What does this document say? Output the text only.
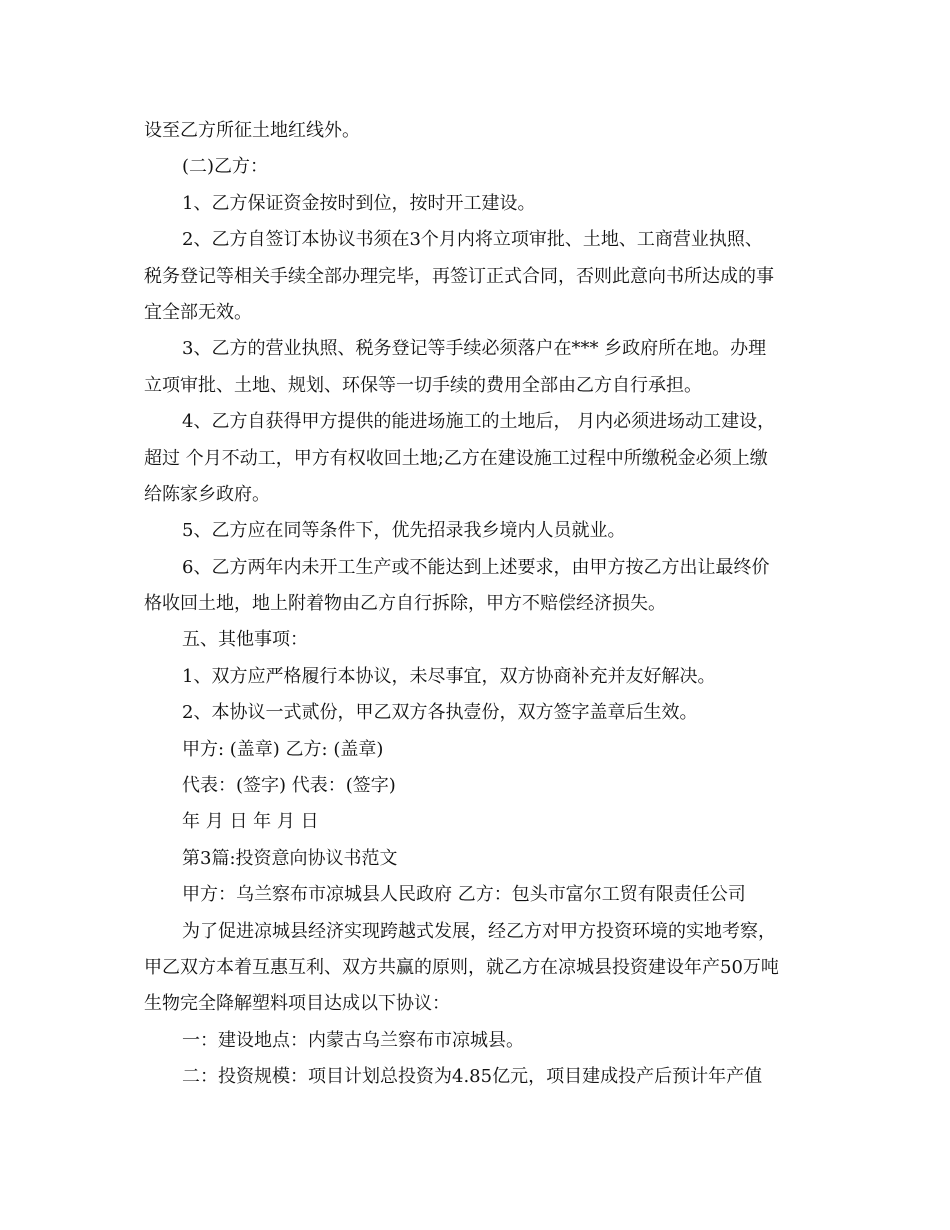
设至乙方所征土地红线外。
(二)乙方：
1、乙方保证资金按时到位，按时开工建设。
2、乙方自签订本协议书须在3个月内将立项审批、土地、工商营业执照、
税务登记等相关手续全部办理完毕，再签订正式合同，否则此意向书所达成的事
宜全部无效。
3、乙方的营业执照、税务登记等手续必须落户在*** 乡政府所在地。办理
立项审批、土地、规划、环保等一切手续的费用全部由乙方自行承担。
4、乙方自获得甲方提供的能进场施工的土地后， 月内必须进场动工建设，
超过 个月不动工，甲方有权收回土地;乙方在建设施工过程中所缴税金必须上缴
给陈家乡政府。
5、乙方应在同等条件下，优先招录我乡境内人员就业。
6、乙方两年内未开工生产或不能达到上述要求，由甲方按乙方出让最终价
格收回土地，地上附着物由乙方自行拆除，甲方不赔偿经济损失。
五、其他事项：
1、双方应严格履行本协议，未尽事宜，双方协商补充并友好解决。
2、本协议一式贰份，甲乙双方各执壹份，双方签字盖章后生效。
甲方: (盖章) 乙方: (盖章)
代表：(签字) 代表：(签字)
年 月 日 年 月 日
第3篇:投资意向协议书范文
甲方：乌兰察布市凉城县人民政府 乙方：包头市富尔工贸有限责任公司
为了促进凉城县经济实现跨越式发展，经乙方对甲方投资环境的实地考察，
甲乙双方本着互惠互利、双方共赢的原则，就乙方在凉城县投资建设年产50万吨
生物完全降解塑料项目达成以下协议：
一：建设地点：内蒙古乌兰察布市凉城县。
二：投资规模：项目计划总投资为4.85亿元，项目建成投产后预计年产值
